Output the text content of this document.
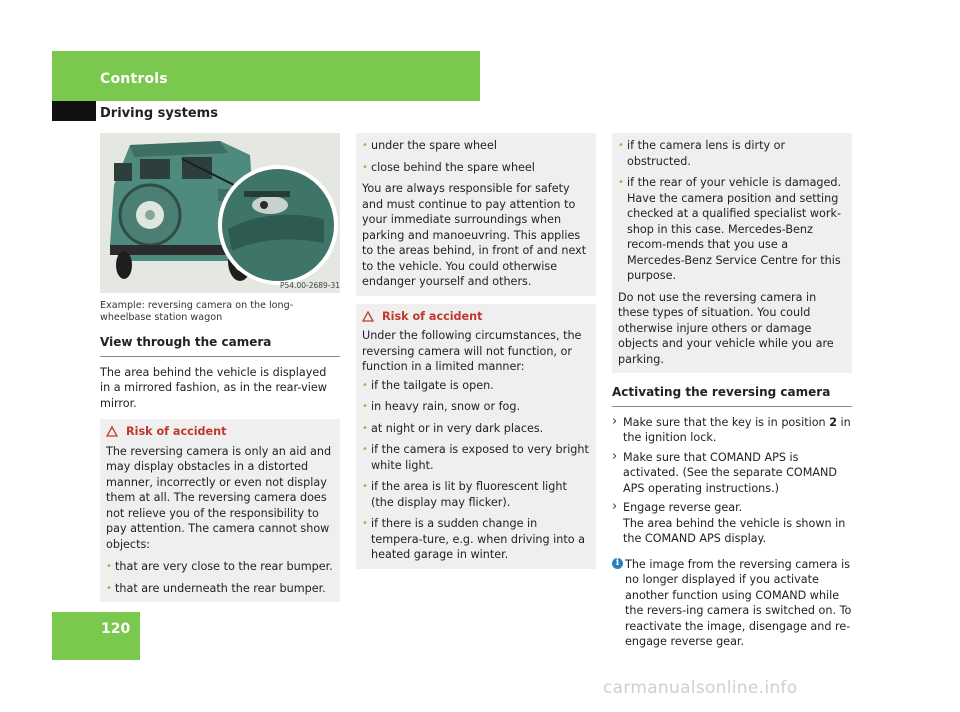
Controls
Driving systems
P54.00-2689-31
Example: reversing camera on the long-wheelbase station wagon
View through the camera

The area behind the vehicle is displayed in a mirrored fashion, as in the rear-view mirror.

Risk of accident

The reversing camera is only an aid and may display obstacles in a distorted manner, incorrectly or even not display them at all. The reversing camera does not relieve you of the responsibility to pay attention. The camera cannot show objects:

• that are very close to the rear bumper.
• that are underneath the rear bumper.
• under the spare wheel
• close behind the spare wheel

You are always responsible for safety and must continue to pay attention to your immediate surroundings when parking and manoeuvring. This applies to the areas behind, in front of and next to the vehicle. You could otherwise endanger yourself and others.

Risk of accident

Under the following circumstances, the reversing camera will not function, or function in a limited manner:

• if the tailgate is open.
• in heavy rain, snow or fog.
• at night or in very dark places.
• if the camera is exposed to very bright white light.
• if the area is lit by fluorescent light (the display may flicker).
• if there is a sudden change in tempera-ture, e.g. when driving into a heated garage in winter.
• if the camera lens is dirty or obstructed.
• if the rear of your vehicle is damaged. Have the camera position and setting checked at a qualified specialist work-shop in this case. Mercedes-Benz recom-mends that you use a Mercedes-Benz Service Centre for this purpose.

Do not use the reversing camera in these types of situation. You could otherwise injure others or damage objects and your vehicle while you are parking.

Activating the reversing camera
› Make sure that the key is in position 2 in the ignition lock.
› Make sure that COMAND APS is activated. (See the separate COMAND APS operating instructions.)
› Engage reverse gear.
The area behind the vehicle is shown in the COMAND APS display.
i The image from the reversing camera is no longer displayed if you activate another function using COMAND while the revers-ing camera is switched on. To reactivate the image, disengage and re-engage reverse gear.
120
carmanualsonline.info
